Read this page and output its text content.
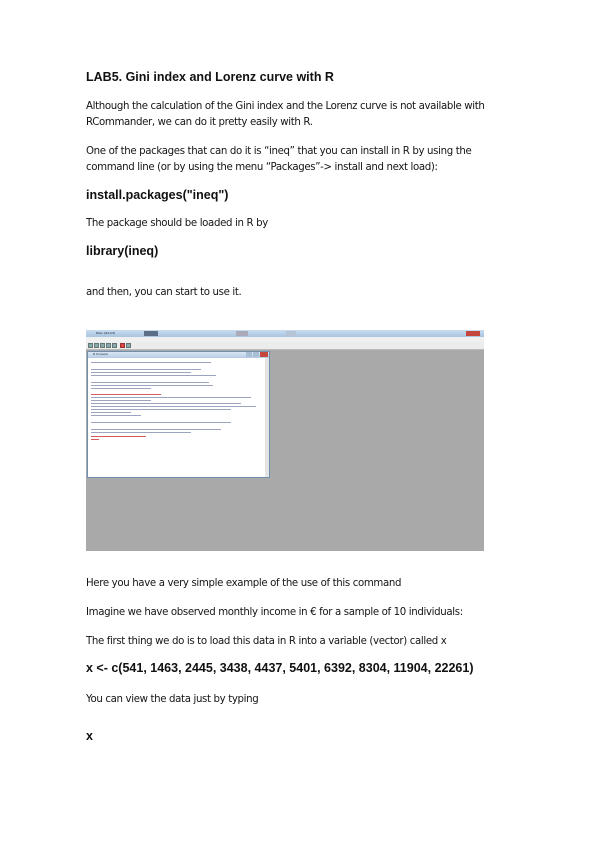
LAB5. Gini index and Lorenz curve with R

Although the calculation of the Gini index and the Lorenz curve is not available with

RCommander, we can do it pretty easily with R.

One of the packages that can do it is “ineq” that you can install in R by using the

command line (or by using the menu “Packages”-> install and next load):

install.packages("ineq")

The package should be loaded in R by

library(ineq)

and then, you can start to use it.

RGui (64-bit)
R Console

Here you have a very simple example of the use of this command

Imagine we have observed monthly income in € for a sample of 10 individuals:

The first thing we do is to load this data in R into a variable (vector) called x

x <- c(541, 1463, 2445, 3438, 4437, 5401, 6392, 8304, 11904, 22261)

You can view the data just by typing

x
